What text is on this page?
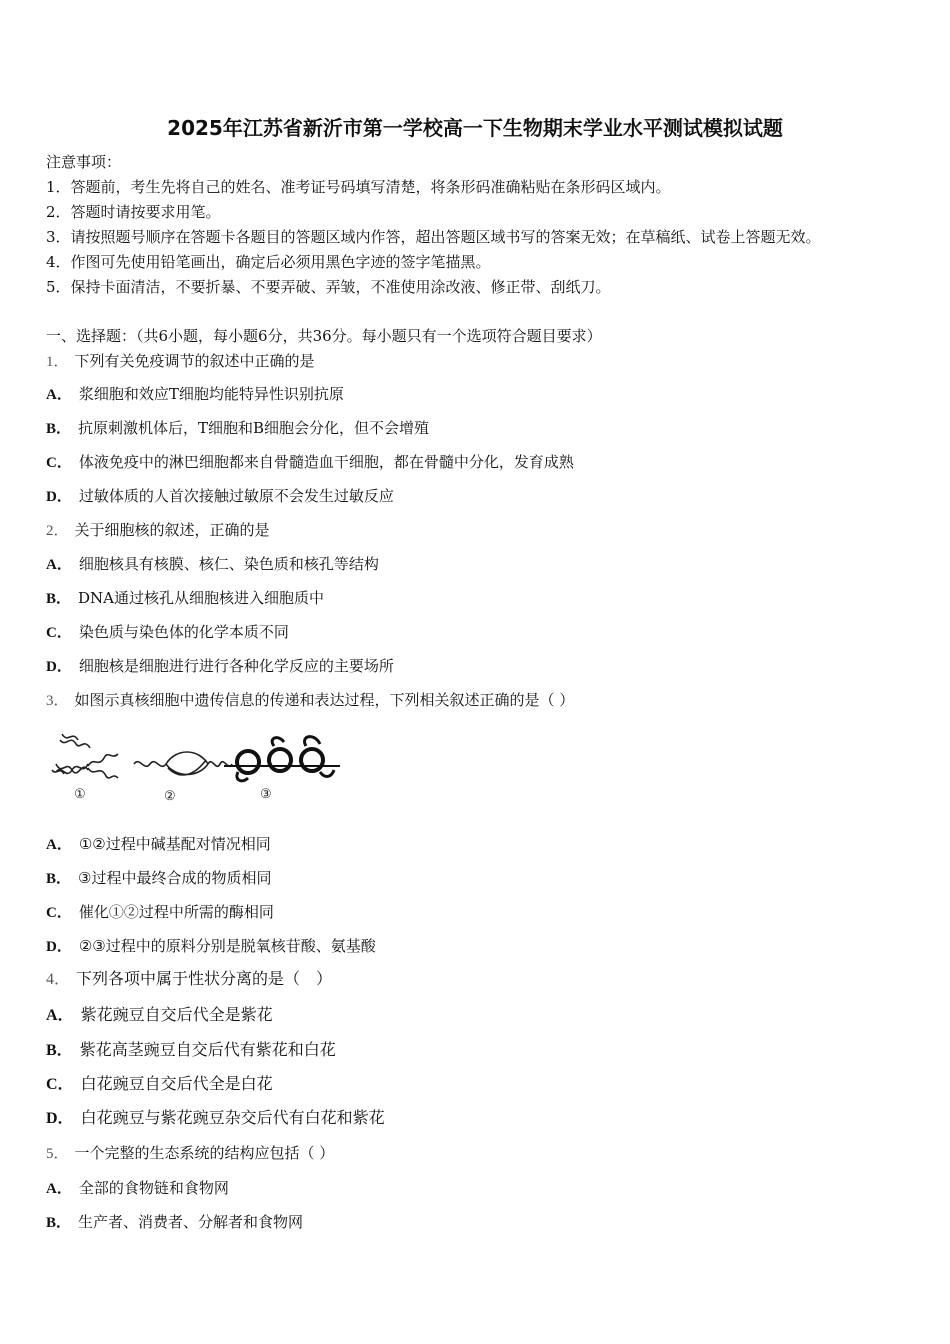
2025年江苏省新沂市第一学校高一下生物期末学业水平测试模拟试题
注意事项：
1．答题前，考生先将自己的姓名、准考证号码填写清楚，将条形码准确粘贴在条形码区域内。
2．答题时请按要求用笔。
3．请按照题号顺序在答题卡各题目的答题区域内作答，超出答题区域书写的答案无效；在草稿纸、试卷上答题无效。
4．作图可先使用铅笔画出，确定后必须用黑色字迹的签字笔描黑。
5．保持卡面清洁，不要折暴、不要弄破、弄皱，不准使用涂改液、修正带、刮纸刀。
一、选择题：（共6小题，每小题6分，共36分。每小题只有一个选项符合题目要求）
1． 下列有关免疫调节的叙述中正确的是
A． 浆细胞和效应T细胞均能特异性识别抗原
B． 抗原刺激机体后，T细胞和B细胞会分化，但不会增殖
C． 体液免疫中的淋巴细胞都来自骨髓造血干细胞，都在骨髓中分化，发育成熟
D． 过敏体质的人首次接触过敏原不会发生过敏反应
2． 关于细胞核的叙述，正确的是
A． 细胞核具有核膜、核仁、染色质和核孔等结构
B． DNA通过核孔从细胞核进入细胞质中
C． 染色质与染色体的化学本质不同
D． 细胞核是细胞进行进行各种化学反应的主要场所
3． 如图示真核细胞中遗传信息的传递和表达过程，下列相关叙述正确的是（ ）
①	②	③
A． ①②过程中碱基配对情况相同
B． ③过程中最终合成的物质相同
C． 催化①②过程中所需的酶相同
D． ②③过程中的原料分别是脱氧核苷酸、氨基酸
4． 下列各项中属于性状分离的是（　）
A． 紫花豌豆自交后代全是紫花
B． 紫花高茎豌豆自交后代有紫花和白花
C． 白花豌豆自交后代全是白花
D． 白花豌豆与紫花豌豆杂交后代有白花和紫花
5． 一个完整的生态系统的结构应包括（ ）
A． 全部的食物链和食物网
B． 生产者、消费者、分解者和食物网
